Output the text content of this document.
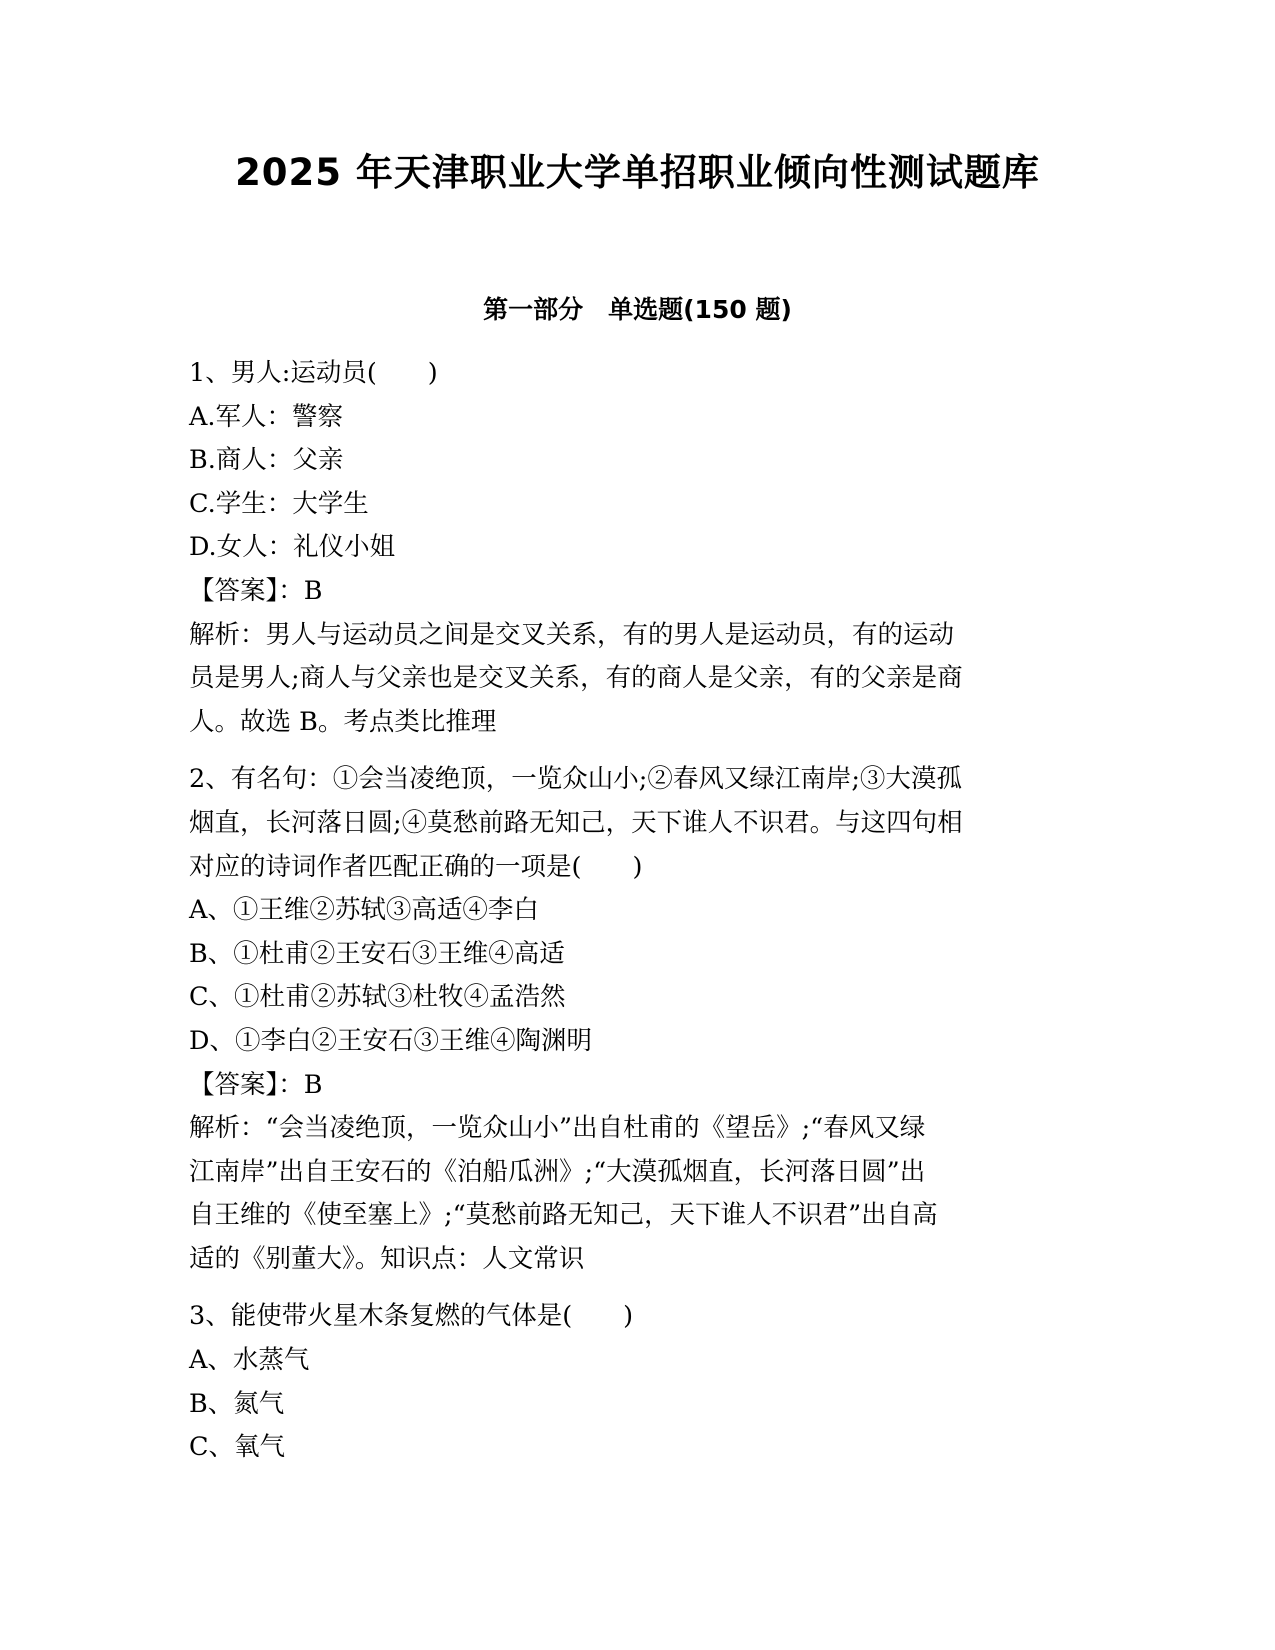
2025 年天津职业大学单招职业倾向性测试题库
第一部分　单选题(150 题)

1、男人:运动员(　　)

A.军人：警察

B.商人：父亲

C.学生：大学生

D.女人：礼仪小姐

【答案】：B

解析：男人与运动员之间是交叉关系，有的男人是运动员，有的运动

员是男人;商人与父亲也是交叉关系，有的商人是父亲，有的父亲是商

人。故选 B。考点类比推理

2、有名句：①会当凌绝顶，一览众山小;②春风又绿江南岸;③大漠孤

烟直，长河落日圆;④莫愁前路无知己，天下谁人不识君。与这四句相

对应的诗词作者匹配正确的一项是(　　)

A、①王维②苏轼③高适④李白

B、①杜甫②王安石③王维④高适

C、①杜甫②苏轼③杜牧④孟浩然

D、①李白②王安石③王维④陶渊明

【答案】：B

解析：“会当凌绝顶，一览众山小”出自杜甫的《望岳》;“春风又绿

江南岸”出自王安石的《泊船瓜洲》;“大漠孤烟直，长河落日圆”出

自王维的《使至塞上》;“莫愁前路无知己，天下谁人不识君”出自高

适的《别董大》。知识点：人文常识

3、能使带火星木条复燃的气体是(　　)

A、水蒸气

B、氮气

C、氧气
